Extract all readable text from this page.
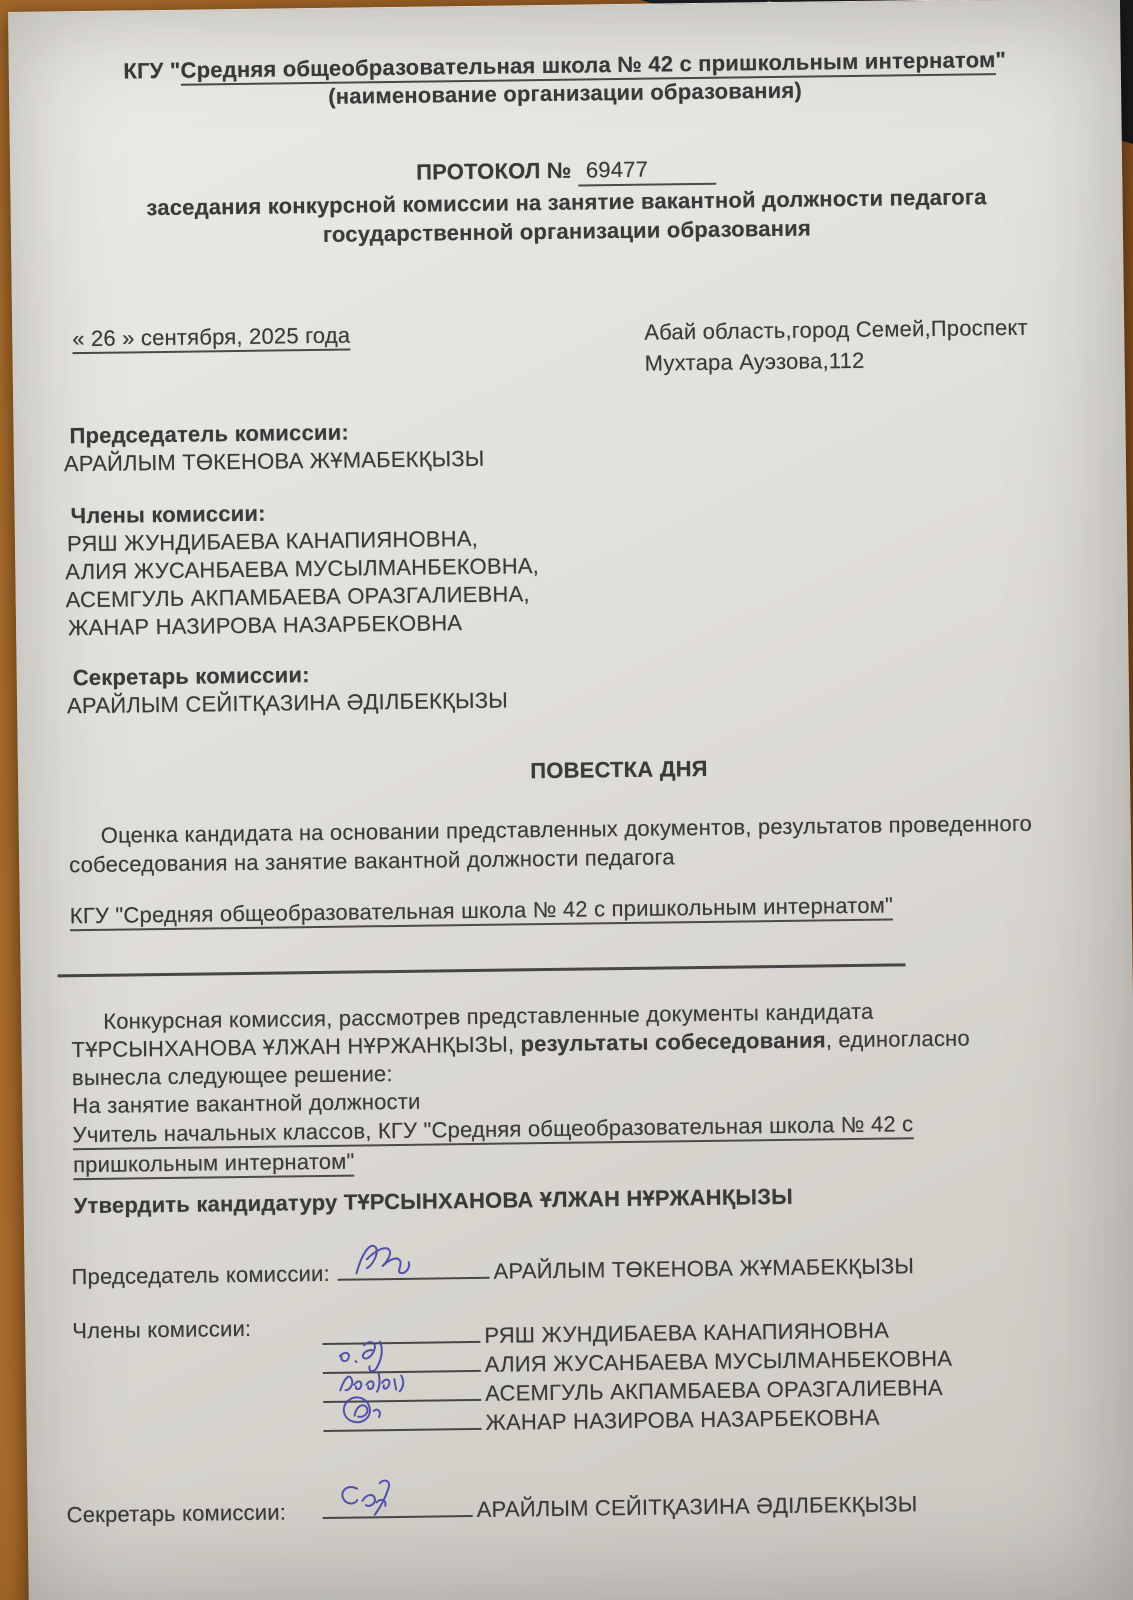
КГУ "Средняя общеобразовательная школа № 42 с пришкольным интернатом"
(наименование организации образования)
ПРОТОКОЛ № 69477
заседания конкурсной комиссии на занятие вакантной должности педагога
государственной организации образования
« 26 » сентября, 2025 года	Абай область,город Семей,Проспект
Мухтара Ауэзова,112
Председатель комиссии:
АРАЙЛЫМ ТӨКЕНОВА ЖҰМАБЕКҚЫЗЫ
Члены комиссии:
РЯШ ЖУНДИБАЕВА КАНАПИЯНОВНА,
АЛИЯ ЖУСАНБАЕВА МУСЫЛМАНБЕКОВНА,
АСЕМГУЛЬ АКПАМБАЕВА ОРАЗГАЛИЕВНА,
ЖАНАР НАЗИРОВА НАЗАРБЕКОВНА
Секретарь комиссии:
АРАЙЛЫМ СЕЙІТҚАЗИНА ӘДІЛБЕКҚЫЗЫ
ПОВЕСТКА ДНЯ
Оценка кандидата на основании представленных документов, результатов проведенного
собеседования на занятие вакантной должности педагога
КГУ "Средняя общеобразовательная школа № 42 с пришкольным интернатом"
Конкурсная комиссия, рассмотрев представленные документы кандидата
ТҰРСЫНХАНОВА ҰЛЖАН НҰРЖАНҚЫЗЫ, результаты собеседования, единогласно
вынесла следующее решение:
На занятие вакантной должности
Учитель начальных классов, КГУ "Средняя общеобразовательная школа № 42 с
пришкольным интернатом"
Утвердить кандидатуру ТҰРСЫНХАНОВА ҰЛЖАН НҰРЖАНҚЫЗЫ
Председатель комиссии:	АРАЙЛЫМ ТӨКЕНОВА ЖҰМАБЕКҚЫЗЫ
Члены комиссии:	РЯШ ЖУНДИБАЕВА КАНАПИЯНОВНА
АЛИЯ ЖУСАНБАЕВА МУСЫЛМАНБЕКОВНА
АСЕМГУЛЬ АКПАМБАЕВА ОРАЗГАЛИЕВНА
ЖАНАР НАЗИРОВА НАЗАРБЕКОВНА
Секретарь комиссии:	АРАЙЛЫМ СЕЙІТҚАЗИНА ӘДІЛБЕКҚЫЗЫ
